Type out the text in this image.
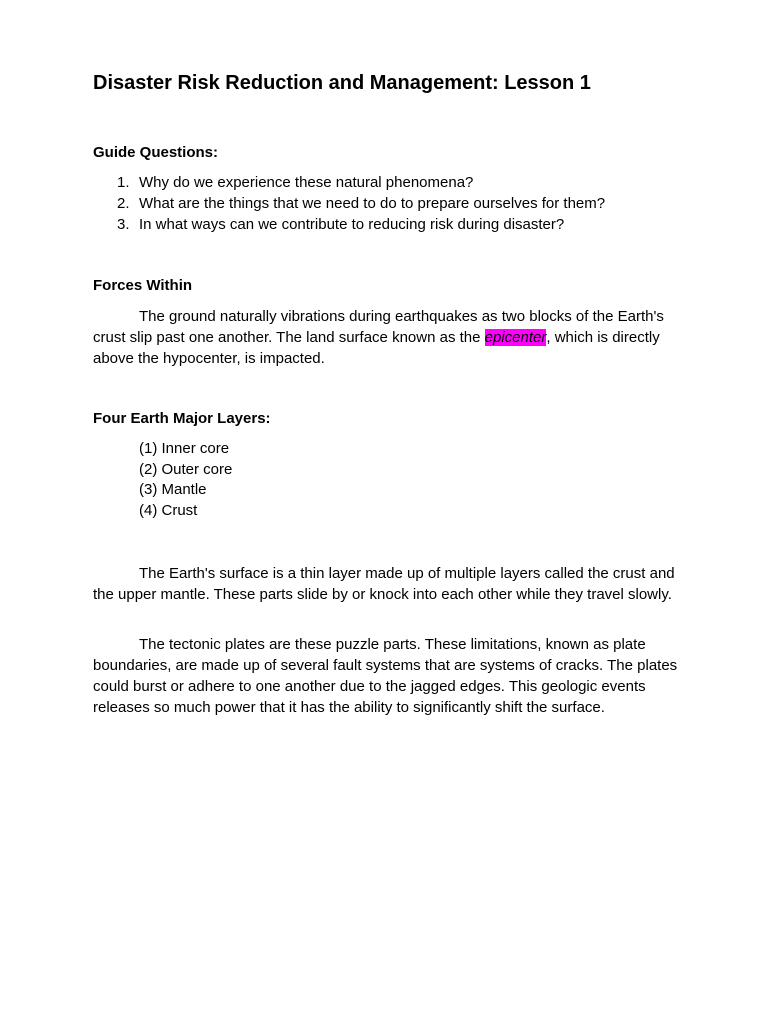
Disaster Risk Reduction and Management: Lesson 1
Guide Questions:
1. Why do we experience these natural phenomena?
2. What are the things that we need to do to prepare ourselves for them?
3. In what ways can we contribute to reducing risk during disaster?
Forces Within

The ground naturally vibrations during earthquakes as two blocks of the Earth's crust slip past one another. The land surface known as the epicenter, which is directly above the hypocenter, is impacted.

Four Earth Major Layers:
(1) Inner core
(2) Outer core
(3) Mantle
(4) Crust

The Earth's surface is a thin layer made up of multiple layers called the crust and the upper mantle. These parts slide by or knock into each other while they travel slowly.

The tectonic plates are these puzzle parts. These limitations, known as plate boundaries, are made up of several fault systems that are systems of cracks. The plates could burst or adhere to one another due to the jagged edges. This geologic events releases so much power that it has the ability to significantly shift the surface.
